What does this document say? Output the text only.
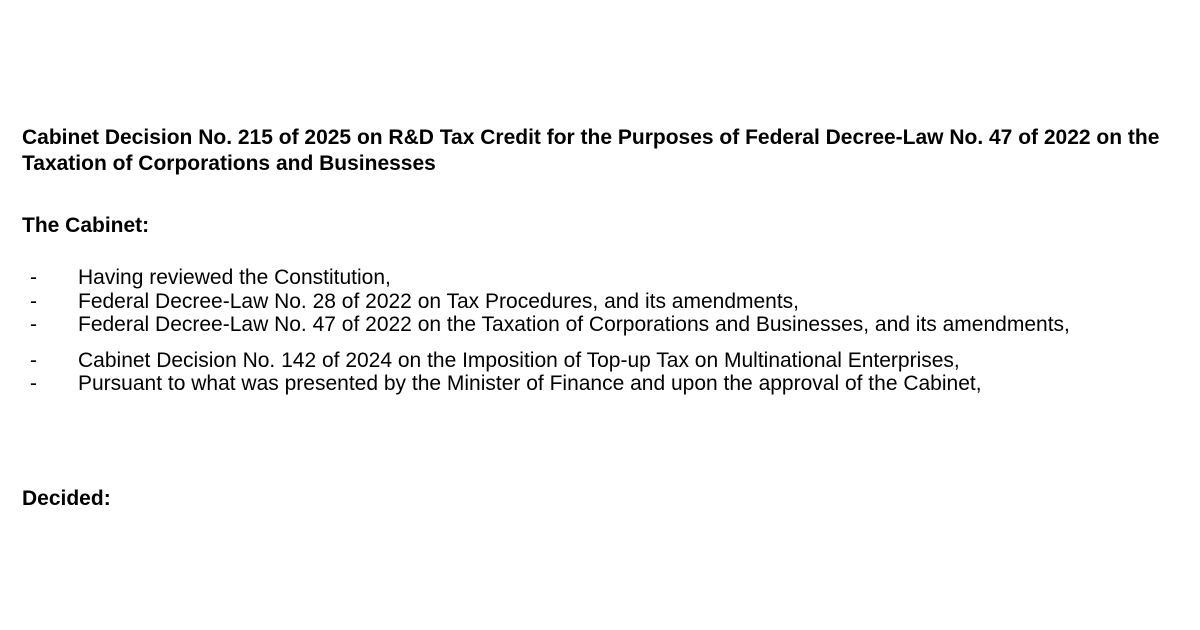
Cabinet Decision No. 215 of 2025 on R&D Tax Credit for the Purposes of Federal Decree-Law No. 47 of 2022 on the Taxation of Corporations and Businesses
The Cabinet:
- Having reviewed the Constitution,
- Federal Decree-Law No. 28 of 2022 on Tax Procedures, and its amendments,
- Federal Decree-Law No. 47 of 2022 on the Taxation of Corporations and Businesses, and its amendments,
- Cabinet Decision No. 142 of 2024 on the Imposition of Top-up Tax on Multinational Enterprises,
- Pursuant to what was presented by the Minister of Finance and upon the approval of the Cabinet,
Decided:
